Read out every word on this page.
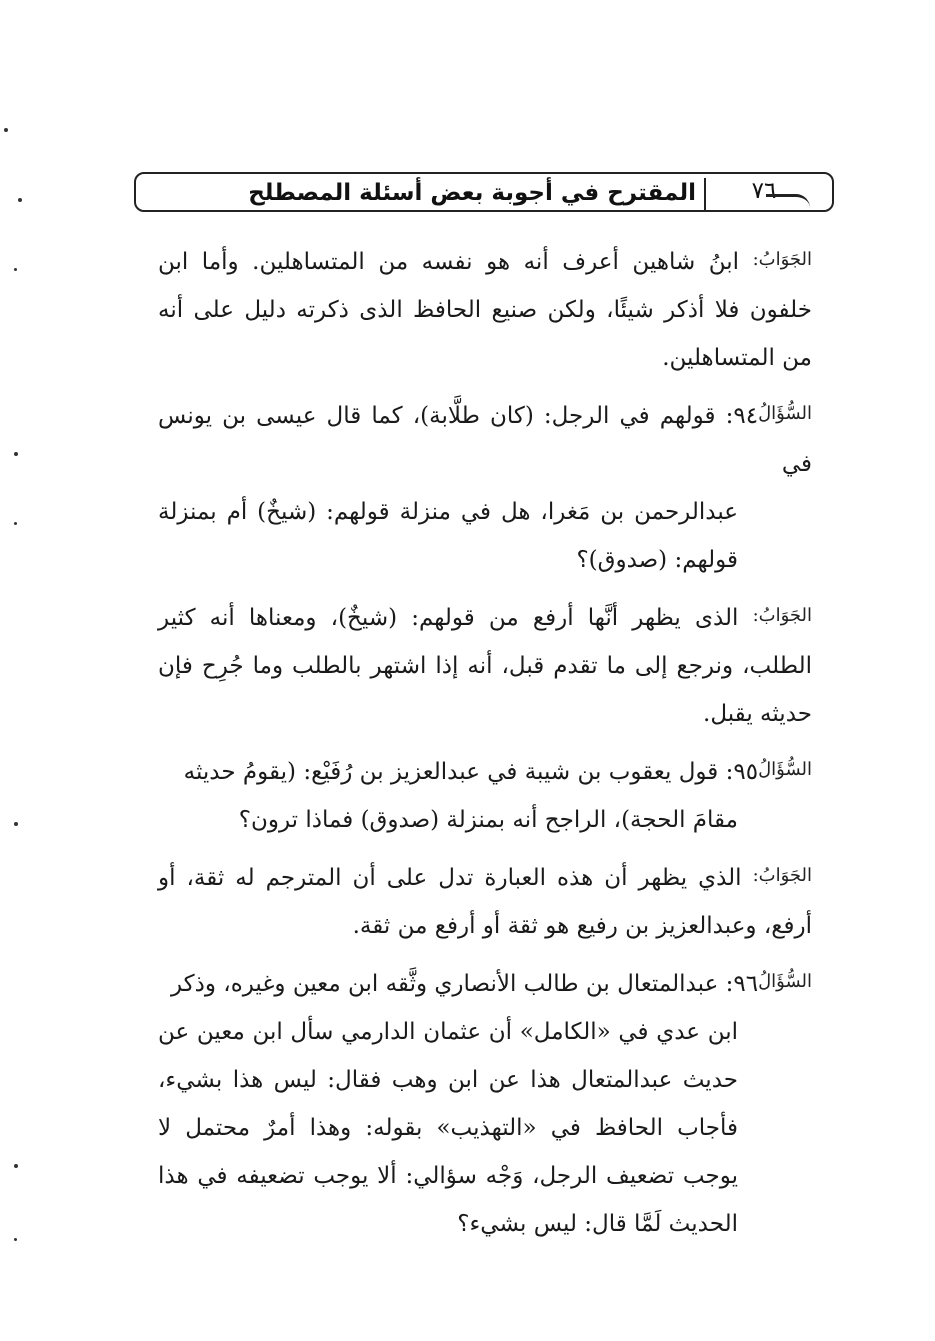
المقترح في أجوبة بعض أسئلة المصطلح	٧٦

الجَوَابُ: ابنُ شاهين أعرف أنه هو نفسه من المتساهلين. وأما ابن خلفون فلا أذكر شيئًا، ولكن صنيع الحافظ الذى ذكرته دليل على أنه من المتساهلين.

السُّؤَالُ٩٤: قولهم في الرجل: (كان طلَّابة)، كما قال عيسى بن يونس في
عبدالرحمن بن مَغرا، هل في منزلة قولهم: (شيخٌ) أم بمنزلة قولهم: (صدوق)؟

الجَوَابُ: الذى يظهر أنَّها أرفع من قولهم: (شيخٌ)، ومعناها أنه كثير الطلب، ونرجع إلى ما تقدم قبل، أنه إذا اشتهر بالطلب وما جُرِح فإن حديثه يقبل.

السُّؤَالُ٩٥: قول يعقوب بن شيبة في عبدالعزيز بن رُفَيْع: (يقومُ حديثه
مقامَ الحجة)، الراجح أنه بمنزلة (صدوق) فماذا ترون؟

الجَوَابُ: الذي يظهر أن هذه العبارة تدل على أن المترجم له ثقة، أو أرفع، وعبدالعزيز بن رفيع هو ثقة أو أرفع من ثقة.

السُّؤَالُ٩٦: عبدالمتعال بن طالب الأنصاري وثَّقه ابن معين وغيره، وذكر
ابن عدي في «الكامل» أن عثمان الدارمي سأل ابن معين عن حديث عبدالمتعال هذا عن ابن وهب فقال: ليس هذا بشيء، فأجاب الحافظ في «التهذيب» بقوله: وهذا أمرٌ محتمل لا يوجب تضعيف الرجل، وَجْه سؤالي: ألا يوجب تضعيفه في هذا الحديث لَمَّا قال: ليس بشيء؟
